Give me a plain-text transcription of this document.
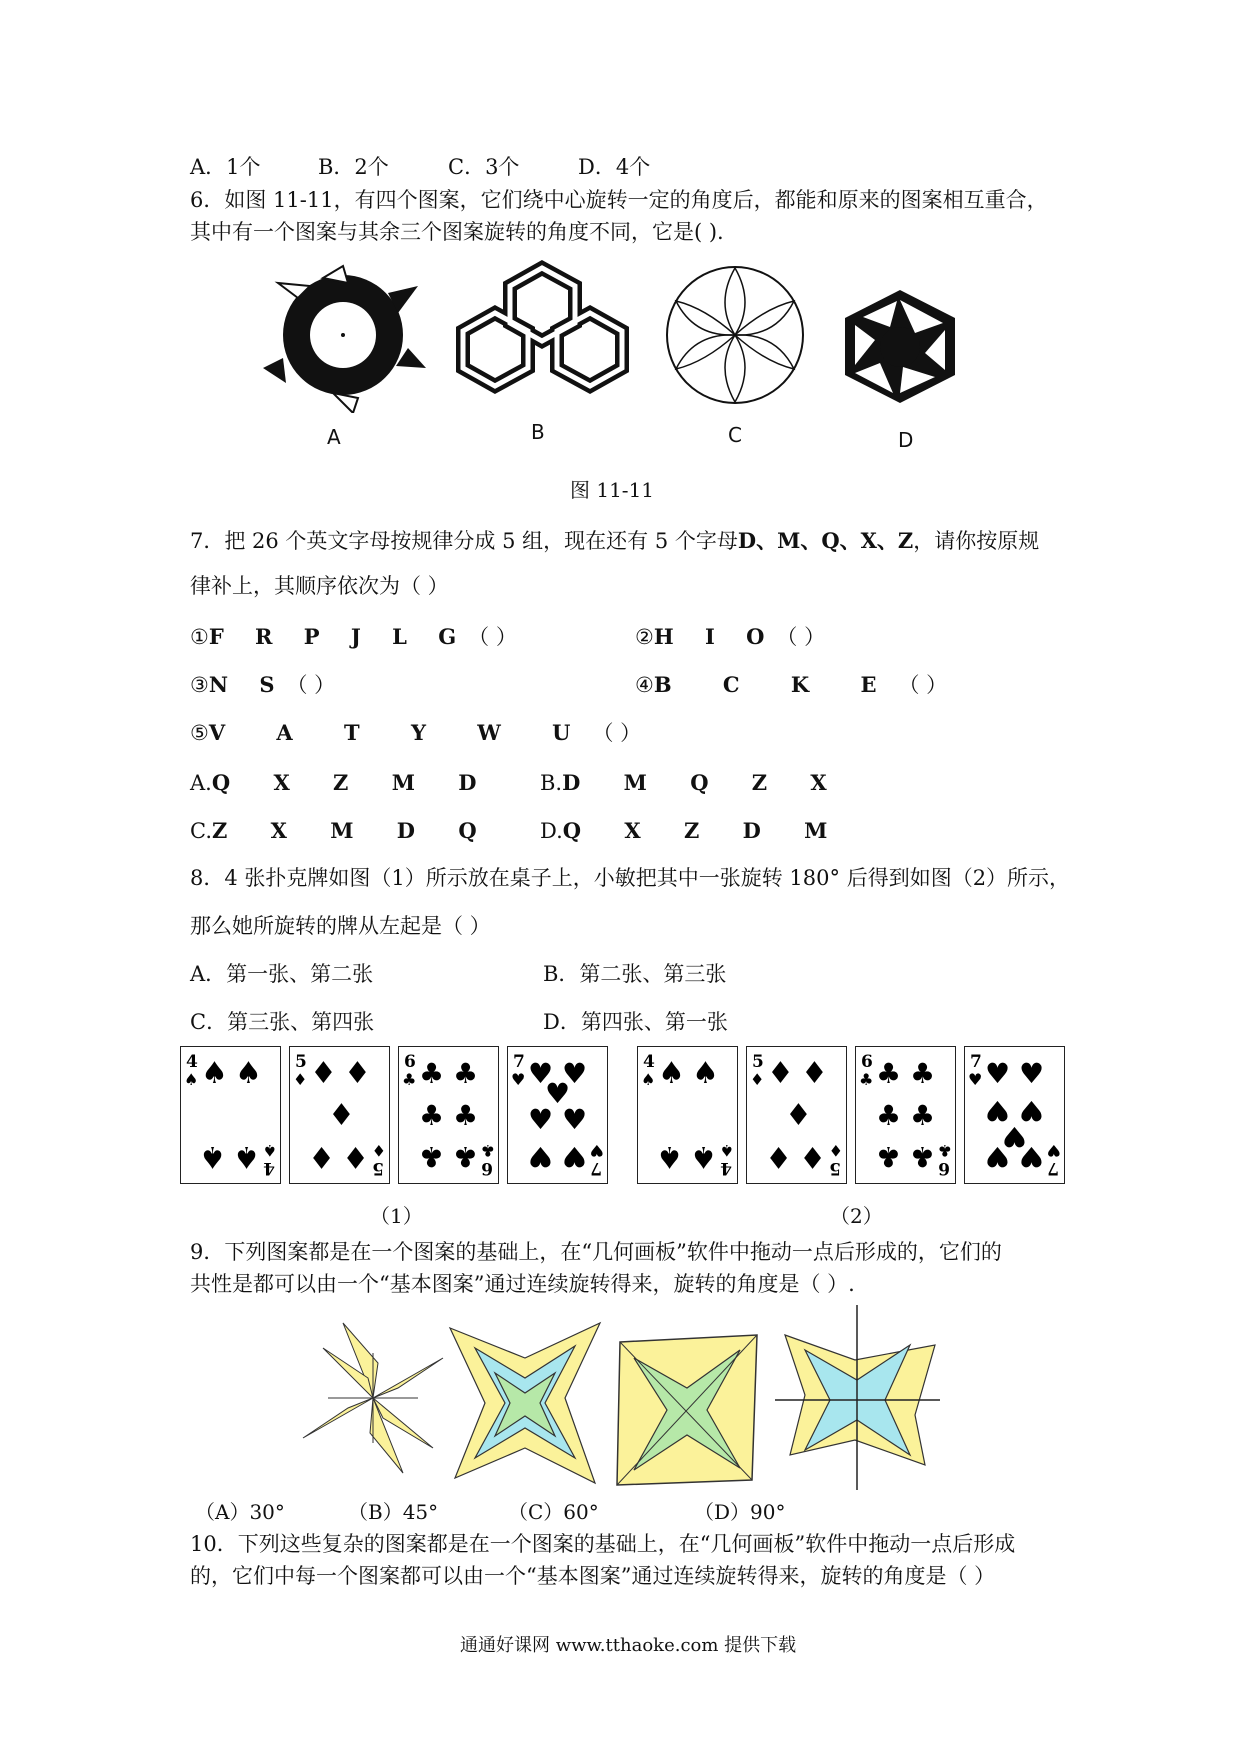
A．1个	B．2个	C．3个	D．4个
6．如图 11-11，有四个图案，它们绕中心旋转一定的角度后，都能和原来的图案相互重合，
其中有一个图案与其余三个图案旋转的角度不同，它是( ).
A	B	C	D
图 11-11
7．把 26 个英文字母按规律分成 5 组，现在还有 5 个字母D、M、Q、X、Z，请你按原规
律补上，其顺序依次为（ ）
①F R P J L G（ ）	②H I O（ ）
③N S（ ）	④B C K E（ ）
⑤V A T Y W U（ ）
A.Q X Z M D B.D M Q Z X
C.Z X M D Q D.Q X Z D M
8．4 张扑克牌如图（1）所示放在桌子上，小敏把其中一张旋转 180° 后得到如图（2）所示，
那么她所旋转的牌从左起是（ ）
A．第一张、第二张	B．第二张、第三张
C．第三张、第四张	D．第四张、第一张
4
♠ ♠ ♠
4
♠
♠
♠
5
♦ ♦ ♦
♦
5
♦
♦
♦
6
♣ ♣ ♣
♣ ♣
6
♣
♣
♣
7
♥ ♥ ♥
♥
♥ ♥
7
♥
♥
♥
4
♠ ♠ ♠
4
♠
♠
♠
5
♦ ♦ ♦
♦
5
♦
♦
♦
6
♣ ♣ ♣
♣ ♣
6
♣
♣
♣	7
♥
♥
♥
♥
♥
♥
7
♥ ♥ ♥
（1）	（2）
9．下列图案都是在一个图案的基础上，在“几何画板”软件中拖动一点后形成的，它们的
共性是都可以由一个“基本图案”通过连续旋转得来，旋转的角度是（ ）.
（A）30°	（B）45°	（C）60°	（D）90°
10．下列这些复杂的图案都是在一个图案的基础上，在“几何画板”软件中拖动一点后形成
的，它们中每一个图案都可以由一个“基本图案”通过连续旋转得来，旋转的角度是（ ）
通通好课网 www.tthaoke.com 提供下载
